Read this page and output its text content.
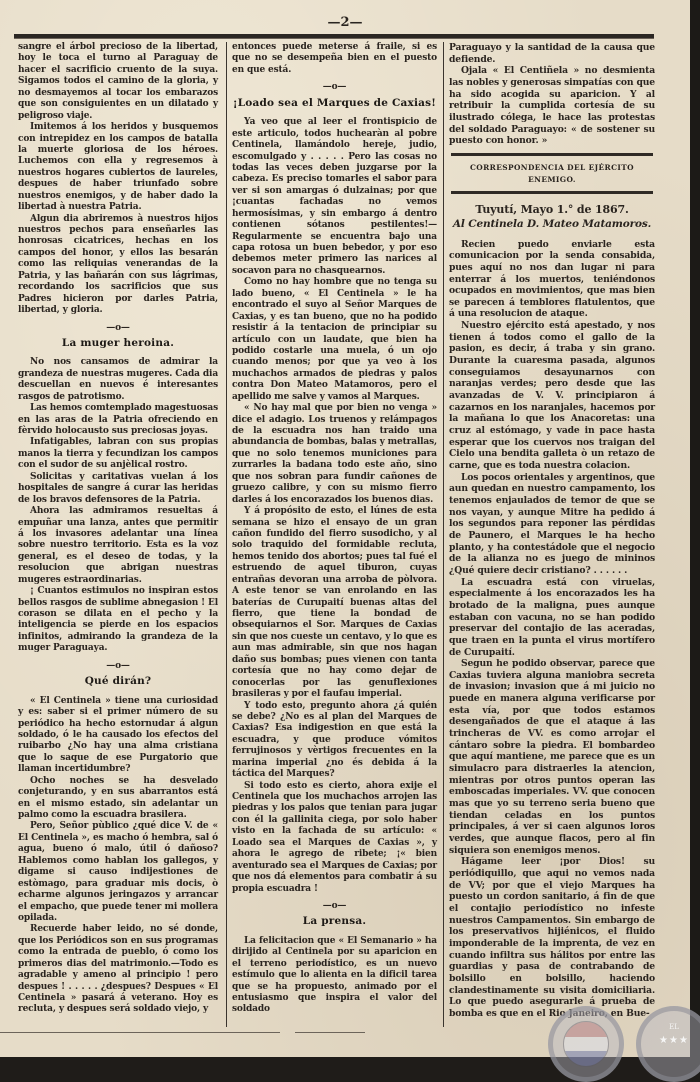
—2—

sangre el árbol precioso de la libertad, hoy le toca el turno al Paraguay de hacer el sacrificio cruento de la suya. Sigamos todos el camino de la gloria, y no desmayemos al tocar los embarazos que son consiguientes en un dilatado y peligroso viaje.

Imitemos á los heridos y busquemos con intrepidez en los campos de batalla la muerte gloriosa de los héroes. Luchemos con ella y regresemos à nuestros hogares cubiertos de laureles, despues de haber triunfado sobre nuestros enemigos, y de haber dado la libertad à nuestra Patria.

Algun dia abriremos à nuestros hijos nuestros pechos para enseñarles las honrosas cicatrices, hechas en los campos del honor, y ellos las besarán como las reliquias venerandas de la Patria, y las bañarán con sus lágrimas, recordando los sacrificios que sus Padres hicieron por darles Patria, libertad, y gloria.

—o—
La muger heroina.

No nos cansamos de admirar la grandeza de nuestras mugeres. Cada dia descuellan en nuevos é interesantes rasgos de patrotismo.

Las hemos comtemplado magestuosas en las aras de la Patria ofreciendo en fèrvido holocausto sus preciosas joyas.

Infatigables, labran con sus propias manos la tierra y fecundizan los campos con el sudor de su anjèlical rostro.

Solicitas y caritativas vuelan á los hospitales de sangre á curar las heridas de los bravos defensores de la Patria.

Ahora las admiramos resueltas á empuñar una lanza, antes que permitir á los invasores adelantar una línea sobre nuestro territorio. Esta es la voz general, es el deseo de todas, y la resolucion que abrigan nuestras mugeres estraordinarias.

¡ Cuantos estimulos no inspiran estos bellos rasgos de sublime abnegasion ! El corason se dilata en el pecho y la inteligencia se pierde en los espacios infinitos, admirando la grandeza de la muger Paraguaya.

—o—
Qué dirán?

« El Centinela » tiene una curiosidad y es: saber si el primer número de su periódico ha hecho estornudar á algun soldado, ó le ha causado los efectos del ruibarbo ¿No hay una alma cristiana que lo saque de ese Purgatorio que llaman incertidumbre?

Ocho noches se ha desvelado conjeturando, y en sus abarrantos está en el mismo estado, sin adelantar un palmo como la escuadra brasilera.

Pero, Señor pùblico ¿qué dice V. de « El Centinela », es macho ó hembra, sal ó agua, bueno ó malo, útil ó dañoso? Hablemos como hablan los gallegos, y digame si causo indijestiones de estòmago, para graduar mis docis, ò echarme algunos jeringazos y arrancar el empacho, que puede tener mi mollera opilada.

Recuerde haber leido, no sé donde, que los Periódicos son en sus programas como la entrada de pueblo, ó como los primeros dias del matrimonio.—Todo es agradable y ameno al principio ! pero despues ! . . . . . ¿despues? Despues « El Centinela » pasará á veterano. Hoy es recluta, y despues será soldado viejo, y

entonces puede meterse á fraile, si es que no se desempeña bien en el puesto en que está.

—o—
¡Loado sea el Marques de Caxias!

Ya veo que al leer el frontispicio de este articulo, todos huchearàn al pobre Centinela, llamándolo hereje, judio, escomulgado y . . . . . Pero las cosas no todas las veces deben juzgarse por la cabeza. Es preciso tomarles el sabor para ver si son amargas ó dulzainas; por que ¡cuantas fachadas no vemos hermosísimas, y sin embargo á dentro contienen sótanos pestilentes!—Regularmente se encuentra bajo una capa rotosa un buen bebedor, y por eso debemos meter primero las narices al socavon para no chasquearnos.

Como no hay hombre que no tenga su lado bueno, « El Centinela » le ha encontrado el suyo al Señor Marques de Caxias, y es tan bueno, que no ha podido resistir á la tentacion de principiar su artículo con un laudate, que bien ha podido costarle una muela, ó un ojo cuando menos; por que ya veo à los muchachos armados de piedras y palos contra Don Mateo Matamoros, pero el apellido me salve y vamos al Marques.

« No hay mal que por bien no venga » dice el adagio. Los truenos y relámpagos de la escuadra nos han traido una abundancia de bombas, balas y metrallas, que no solo tenemos municiones para zurrarles la badana todo este año, sino que nos sobran para fundir cañones de gruezo calibre, y con su mismo fierro darles á los encorazados los buenos dias.

Y á propósito de esto, el lúnes de esta semana se hizo el ensayo de un gran cañon fundido del fierro susodicho, y al solo traquido del formidable recluta, hemos tenido dos abortos; pues tal fué el estruendo de aquel tiburon, cuyas entrañas devoran una arroba de pòlvora. A este tenor se van enrolando en las baterías de Curupaití buenas altas del fierro, que tiene la bondad de obsequiarnos el Sor. Marques de Caxias sin que nos cueste un centavo, y lo que es aun mas admirable, sin que nos hagan daño sus bombas; pues vienen con tanta cortesía que no hay como dejar de conocerlas por las genuflexiones brasileras y por el faufau imperial.

Y todo esto, pregunto ahora ¿á quién se debe? ¿No es al plan del Marques de Caxias? Esa indigestion en que está la escuadra, y que produce vómitos ferrujinosos y vèrtigos frecuentes en la marina imperial ¿no és debida á la táctica del Marques?

Si todo esto es cierto, ahora exije el Centinela que los muchachos arrojen las piedras y los palos que tenian para jugar con él la gallinita ciega, por solo haber visto en la fachada de su artículo: « Loado sea el Marques de Caxias », y ahora le agrego de ribete; ¡« bien aventurado sea el Marques de Caxias; por que nos dá elementos para combatir á su propia escuadra !

—o—
La prensa.

La felicitacion que « El Semanario » ha dirijido al Centinela por su aparicion en el terreno periodístico, es un nuevo estímulo que lo alienta en la dificil tarea que se ha propuesto, animado por el entusiasmo que inspira el valor del soldado

Paraguayo y la santidad de la causa que defiende.

Ojala « El Centiñela » no desmienta las nobles y generosas simpatías con que ha sido acogida su aparicion. Y al retribuir la cumplida cortesía de su ilustrado cólega, le hace las protestas del soldado Paraguayo: « de sostener su puesto con honor. »

CORRESPONDENCIA DEL EJÉRCITO ENEMIGO.
Tuyutí, Mayo 1.° de 1867.
Al Centinela D. Mateo Matamoros.

Recien puedo enviarle esta comunicacion por la senda consabida, pues aquí no nos dan lugar ni para enterrar á los muertos, teniéndonos ocupados en movimientos, que mas bien se parecen á temblores flatulentos, que á una resolucion de ataque.

Nuestro ejército está apestado, y nos tienen á todos como el gallo de la pasion, es decir, á traba y sin grano. Durante la cuaresma pasada, algunos conseguiamos desayunarnos con naranjas verdes; pero desde que las avanzadas de V. V. principiaron á cazarnos en los naranjales, hacemos por la mañana lo que los Anacoretas: una cruz al estómago, y vade in pace hasta esperar que los cuervos nos traigan del Cielo una bendita galleta ò un retazo de carne, que es toda nuestra colacion.

Los pocos orientales y argentinos, que aun quedan en nuestro campamento, los tenemos enjaulados de temor de que se nos vayan, y aunque Mitre ha pedido á los segundos para reponer las pérdidas de Paunero, el Marques le ha hecho planto, y ha contestádole que el negocio de la alianza no es juego de mininos ¿Qué quiere decir cristiano? . . . . . .

La escuadra está con viruelas, especialmente á los encorazados les ha brotado de la maligna, pues aunque estaban con vacuna, no se han podido preservar del contajio de las aceradas, que traen en la punta el virus mortífero de Curupaití.

Segun he podido observar, parece que Caxias tuviera alguna maniobra secreta de invasion; invasion que á mi juicio no puede en manera alguna verificarse por esta vía, por que todos estamos desengañados de que el ataque á las trincheras de VV. es como arrojar el cántaro sobre la piedra. El bombardeo que aquí mantiene, me parece que es un simulacro para distraerles la atencion, mientras por otros puntos operan las emboscadas imperiales. VV. que conocen mas que yo su terreno seria bueno que tiendan celadas en los puntos principales, á ver si caen algunos loros verdes, que aunque flacos, pero al fin siquiera son enemigos menos.

Hágame leer ¡por Dios! su periódiquillo, que aqui no vemos nada de VV; por que el viejo Marques ha puesto un cordon sanitario, á fin de que el contajio periodístico no infeste nuestros Campamentos. Sin embargo de los preservativos hijiénicos, el fluido imponderable de la imprenta, de vez en cuando infiltra sus hálitos por entre las guardias y pasa de contrabando de bolsillo en bolsillo, haciendo clandestinamente su visita domiciliaria. Lo que puedo asegurarle á prueba de bomba es que en el Rio Janeiro, en Bue-

EL
★★★
